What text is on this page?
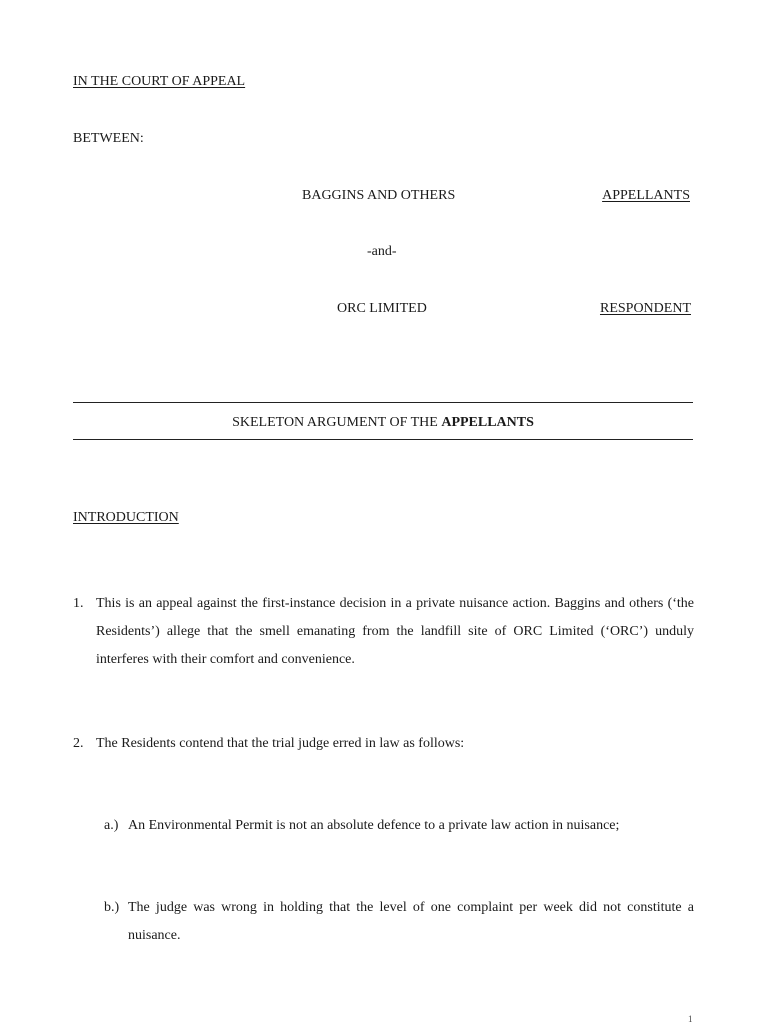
IN THE COURT OF APPEAL
BETWEEN:
BAGGINS AND OTHERS	APPELLANTS
-and-
ORC LIMITED	RESPONDENT
SKELETON ARGUMENT OF THE APPELLANTS
INTRODUCTION
1. This is an appeal against the first-instance decision in a private nuisance action. Baggins and others (‘the Residents’) allege that the smell emanating from the landfill site of ORC Limited (‘ORC’) unduly interferes with their comfort and convenience.
2. The Residents contend that the trial judge erred in law as follows:
a.) An Environmental Permit is not an absolute defence to a private law action in nuisance;
b.) The judge was wrong in holding that the level of one complaint per week did not constitute a nuisance.
1
